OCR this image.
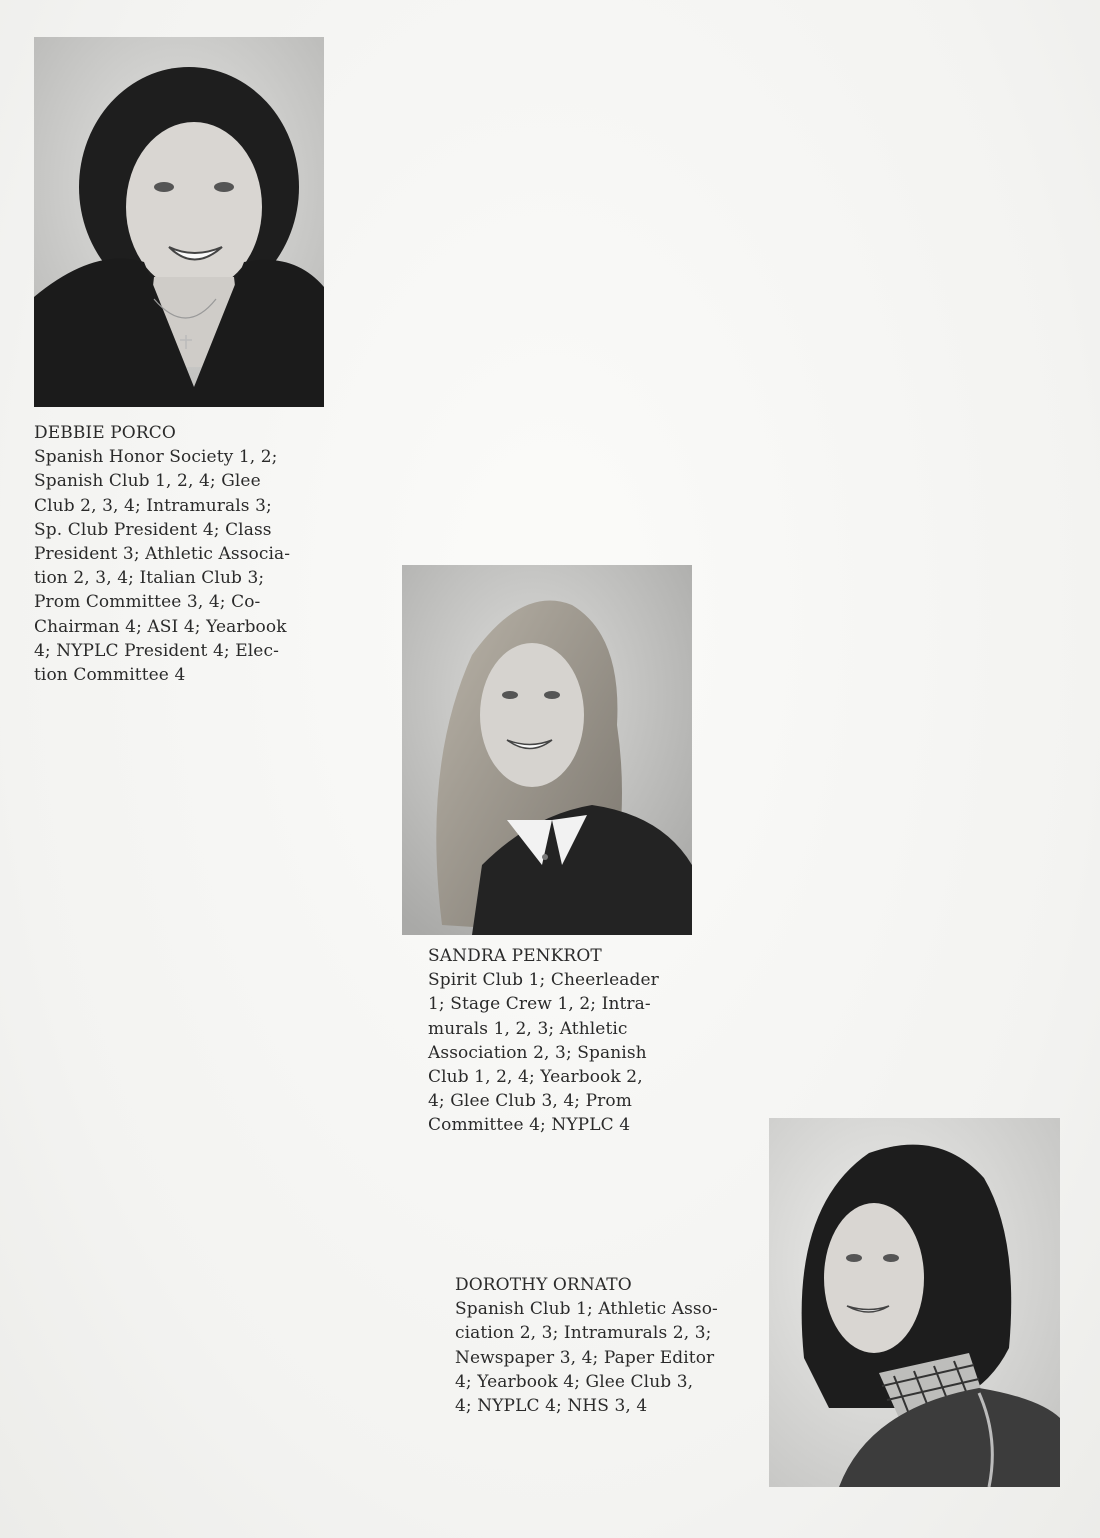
DEBBIE PORCO
Spanish Honor Society 1, 2;
Spanish Club 1, 2, 4; Glee
Club 2, 3, 4; Intramurals 3;
Sp. Club President 4; Class
President 3; Athletic Associa-
tion 2, 3, 4; Italian Club 3;
Prom Committee 3, 4; Co-
Chairman 4; ASI 4; Yearbook
4; NYPLC President 4; Elec-
tion Committee 4
SANDRA PENKROT
Spirit Club 1; Cheerleader
1; Stage Crew 1, 2; Intra-
murals 1, 2, 3; Athletic
Association 2, 3; Spanish
Club 1, 2, 4; Yearbook 2,
4; Glee Club 3, 4; Prom
Committee 4; NYPLC 4
DOROTHY ORNATO
Spanish Club 1; Athletic Asso-
ciation 2, 3; Intramurals 2, 3;
Newspaper 3, 4; Paper Editor
4; Yearbook 4; Glee Club 3,
4; NYPLC 4; NHS 3, 4
